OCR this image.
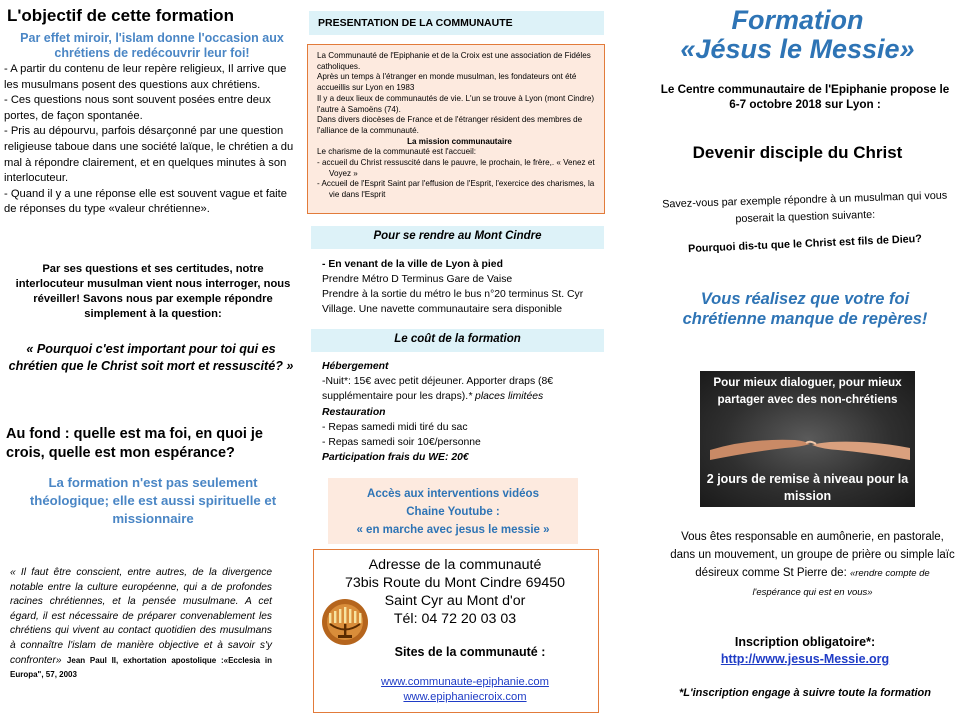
L'objectif de cette formation
Par effet miroir, l'islam donne l'occasion aux chrétiens de redécouvrir leur foi!
- A partir du contenu de leur repère religieux, Il arrive que les musulmans posent des questions aux chrétiens.
- Ces questions nous sont souvent posées entre deux portes, de façon spontanée.
- Pris au dépourvu, parfois désarçonné par une question religieuse taboue dans une société laïque, le chrétien a du mal à répondre clairement, et en quelques minutes à son interlocuteur.
- Quand il y a une réponse elle est souvent vague et faite de réponses du type «valeur chrétienne».
Par ses questions et ses certitudes, notre interlocuteur musulman vient nous interroger, nous réveiller! Savons nous par exemple répondre simplement à la question:
« Pourquoi c'est important pour toi qui es chrétien que le Christ soit mort et ressuscité? »
Au fond : quelle est ma foi, en quoi je crois, quelle est mon espérance?
La formation n'est pas seulement théologique; elle est aussi spirituelle et missionnaire
« Il faut être conscient, entre autres, de la divergence notable entre la culture européenne, qui a de profondes racines chrétiennes, et la pensée musulmane. A cet égard, il est nécessaire de préparer convenablement les chrétiens qui vivent au contact quotidien des musulmans à connaître l'islam de manière objective et à savoir s'y confronter» Jean Paul II, exhortation apostolique :«Ecclesia in Europa", 57, 2003
PRESENTATION DE LA COMMUNAUTE
La Communauté de l'Epiphanie et de la Croix est une association de Fidéles catholiques.
Après un temps à l'étranger en monde musulman, les fondateurs ont été accueillis sur Lyon en 1983
Il y a deux lieux de communautés de vie. L'un se trouve à Lyon (mont Cindre) l'autre à Samoëns (74).
Dans divers diocèses de France et de l'étranger résident des membres de l'alliance de la communauté.
La mission communautaire
Le charisme de la communauté est l'accueil:
- accueil du Christ ressuscité dans le pauvre, le prochain, le frère,. « Venez et Voyez »
- Accueil de l'Esprit Saint par l'effusion de l'Esprit, l'exercice des charismes, la vie dans l'Esprit
Pour se rendre au Mont Cindre
- En venant de la ville de Lyon à pied
Prendre Métro D Terminus Gare de Vaise
Prendre à la sortie du métro le bus n°20 terminus St. Cyr Village. Une navette communautaire sera disponible
Le coût de la formation
Hébergement
-Nuit*: 15€ avec petit déjeuner. Apporter draps (8€ supplémentaire pour les draps).* places limitées
Restauration
- Repas samedi midi tiré du sac
- Repas samedi soir 10€/personne
Participation frais du WE: 20€
Accès aux interventions vidéos
Chaine Youtube :
« en marche avec jesus le messie »
Adresse de la communauté
73bis Route du Mont Cindre 69450
Saint Cyr au Mont d'or
Tél: 04 72 20 03 03
Sites de la communauté :
www.communaute-epiphanie.com
www.epiphaniecroix.com
Formation
«Jésus le Messie»
Le Centre communautaire de l'Epiphanie propose le 6-7 octobre 2018 sur Lyon :
Devenir disciple du Christ
Savez-vous par exemple répondre à un musulman qui vous poserait la question suivante:
Pourquoi dis-tu que le Christ est fils de Dieu?
Vous réalisez que votre foi chrétienne manque de repères!
Pour mieux dialoguer, pour mieux partager avec des non-chrétiens
2 jours de remise à niveau pour la mission
Vous êtes responsable en aumônerie, en pastorale, dans un mouvement, un groupe de prière ou simple laïc désireux comme St Pierre de: «rendre compte de l'espérance qui est en vous»
Inscription obligatoire*:
http://www.jesus-Messie.org
*L'inscription engage à suivre toute la formation
